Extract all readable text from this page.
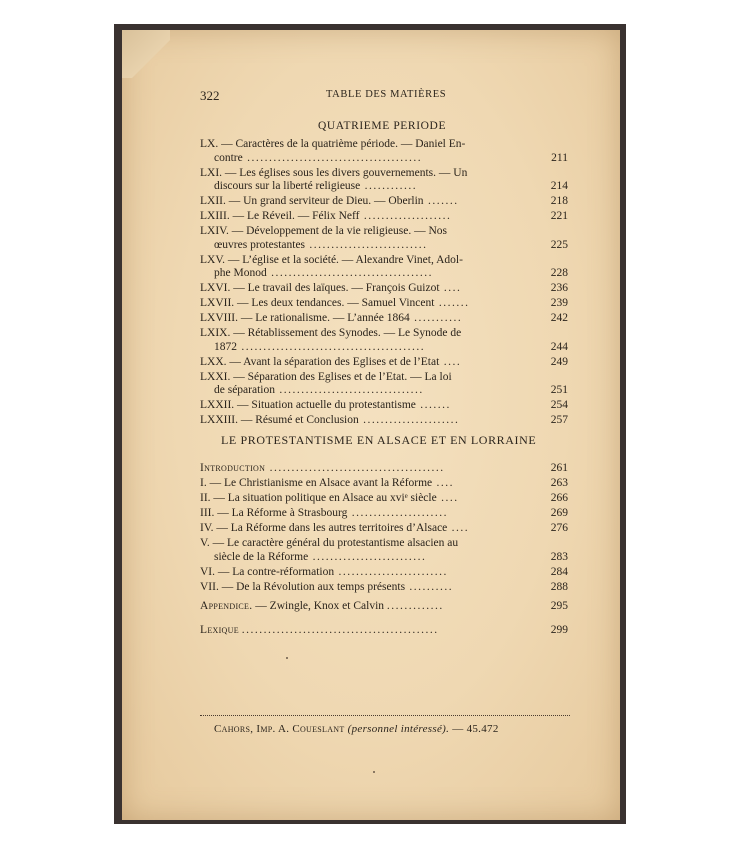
322	TABLE DES MATIÈRES
QUATRIEME PERIODE
LX. — Caractères de la quatrième période. — Daniel En-
contre ........................................	211
LXI. — Les églises sous les divers gouvernements. — Un
discours sur la liberté religieuse ............	214
LXII. — Un grand serviteur de Dieu. — Oberlin .......	218
LXIII. — Le Réveil. — Félix Neff ....................	221
LXIV. — Développement de la vie religieuse. — Nos
œuvres protestantes ...........................	225
LXV. — L’église et la société. — Alexandre Vinet, Adol-
phe Monod .....................................	228
LXVI. — Le travail des laïques. — François Guizot ....	236
LXVII. — Les deux tendances. — Samuel Vincent .......	239
LXVIII. — Le rationalisme. — L’année 1864 ...........	242
LXIX. — Rétablissement des Synodes. — Le Synode de
1872 ..........................................	244
LXX. — Avant la séparation des Eglises et de l’Etat ....	249
LXXI. — Séparation des Eglises et de l’Etat. — La loi
de séparation .................................	251
LXXII. — Situation actuelle du protestantisme .......	254
LXXIII. — Résumé et Conclusion ......................	257
LE PROTESTANTISME EN ALSACE ET EN LORRAINE
Introduction ........................................	261
I. — Le Christianisme en Alsace avant la Réforme ....	263
II. — La situation politique en Alsace au xviᵉ siècle ....	266
III. — La Réforme à Strasbourg ......................	269
IV. — La Réforme dans les autres territoires d’Alsace ....	276
V. — Le caractère général du protestantisme alsacien au
siècle de la Réforme ..........................	283
VI. — La contre-réformation .........................	284
VII. — De la Révolution aux temps présents ..........	288
Appendice. — Zwingle, Knox et Calvin .............	295
Lexique .............................................	299
Cahors, Imp. A. Coueslant (personnel intéressé). — 45.472
